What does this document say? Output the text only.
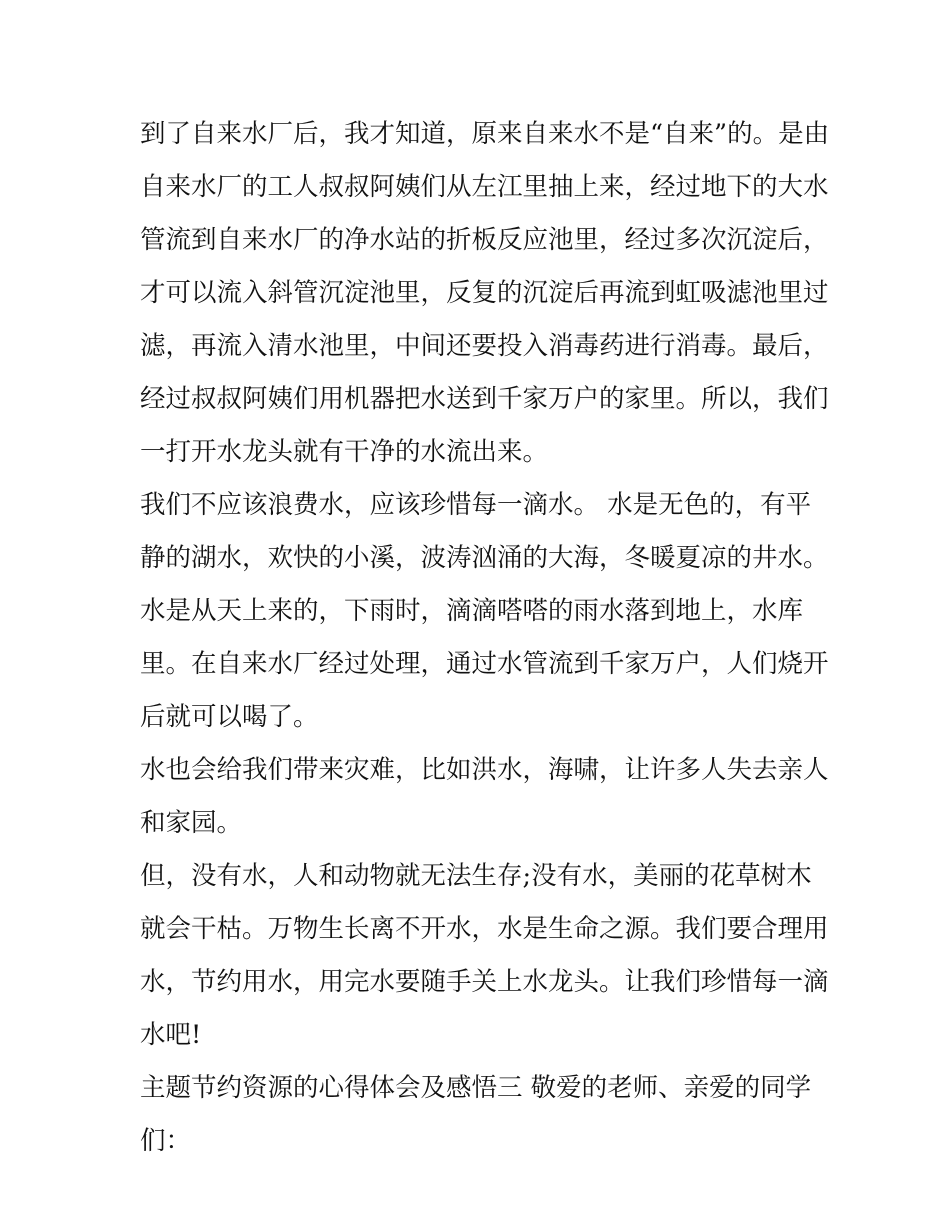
到了自来水厂后，我才知道，原来自来水不是“自来”的。是由
自来水厂的工人叔叔阿姨们从左江里抽上来，经过地下的大水
管流到自来水厂的净水站的折板反应池里，经过多次沉淀后，
才可以流入斜管沉淀池里，反复的沉淀后再流到虹吸滤池里过
滤，再流入清水池里，中间还要投入消毒药进行消毒。最后，
经过叔叔阿姨们用机器把水送到千家万户的家里。所以，我们
一打开水龙头就有干净的水流出来。
我们不应该浪费水，应该珍惜每一滴水。 水是无色的，有平
静的湖水，欢快的小溪，波涛汹涌的大海，冬暖夏凉的井水。
水是从天上来的，下雨时，滴滴嗒嗒的雨水落到地上，水库
里。在自来水厂经过处理，通过水管流到千家万户，人们烧开
后就可以喝了。
水也会给我们带来灾难，比如洪水，海啸，让许多人失去亲人
和家园。
但，没有水，人和动物就无法生存;没有水，美丽的花草树木
就会干枯。万物生长离不开水，水是生命之源。我们要合理用
水，节约用水，用完水要随手关上水龙头。让我们珍惜每一滴
水吧!
主题节约资源的心得体会及感悟三 敬爱的老师、亲爱的同学
们：
